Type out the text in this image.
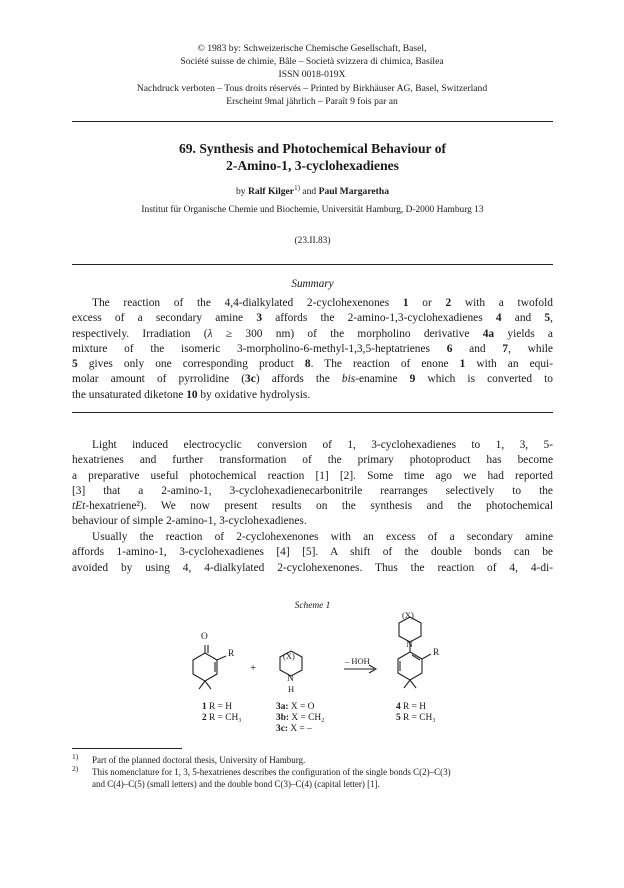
© 1983 by: Schweizerische Chemische Gesellschaft, Basel,
Société suisse de chimie, Bâle – Società svizzera di chimica, Basilea
ISSN 0018-019X
Nachdruck verboten – Tous droits réservés – Printed by Birkhäuser AG, Basel, Switzerland
Erscheint 9mal jährlich – Paraît 9 fois par an
69. Synthesis and Photochemical Behaviour of
2-Amino-1, 3-cyclohexadienes
by Ralf Kilger$^{1)}$ and Paul Margaretha
Institut für Organische Chemie und Biochemie, Universität Hamburg, D-2000 Hamburg 13
(23.II.83)
Summary
The reaction of the 4,4-dialkylated 2-cyclohexenones 1 or 2 with a twofold
excess of a secondary amine 3 affords the 2-amino-1,3-cyclohexadienes 4 and 5,
respectively. Irradiation (λ ≥ 300 nm) of the morpholino derivative 4a yields a
mixture of the isomeric 3-morpholino-6-methyl-1,3,5-heptatrienes 6 and 7, while
5 gives only one corresponding product 8. The reaction of enone 1 with an equi-
molar amount of pyrrolidine (3c) affords the bis-enamine 9 which is converted to
the unsaturated diketone 10 by oxidative hydrolysis.
Light induced electrocyclic conversion of 1, 3-cyclohexadienes to 1, 3, 5-
hexatrienes and further transformation of the primary photoproduct has become
a preparative useful photochemical reaction [1] [2]. Some time ago we had reported
[3] that a 2-amino-1, 3-cyclohexadienecarbonitrile rearranges selectively to the
tEt-hexatriene²). We now present results on the synthesis and the photochemical
behaviour of simple 2-amino-1, 3-cyclohexadienes.
Usually the reaction of 2-cyclohexenones with an excess of a secondary amine
affords 1-amino-1, 3-cyclohexadienes [4] [5]. A shift of the double bonds can be
avoided by using 4, 4-dialkylated 2-cyclohexenones. Thus the reaction of 4, 4-di-
Scheme 1
O
R
+
(X)
N
H
– HOH
(X)
N
R
1 R = H
2 R = CH₃
3a: X = O
3b: X = CH₂
3c: X = –
4 R = H
5 R = CH₃
1) Part of the planned doctoral thesis, University of Hamburg.
2) This nomenclature for 1, 3, 5-hexatrienes describes the configuration of the single bonds C(2)–C(3)
and C(4)–C(5) (small letters) and the double bond C(3)–C(4) (capital letter) [1].
